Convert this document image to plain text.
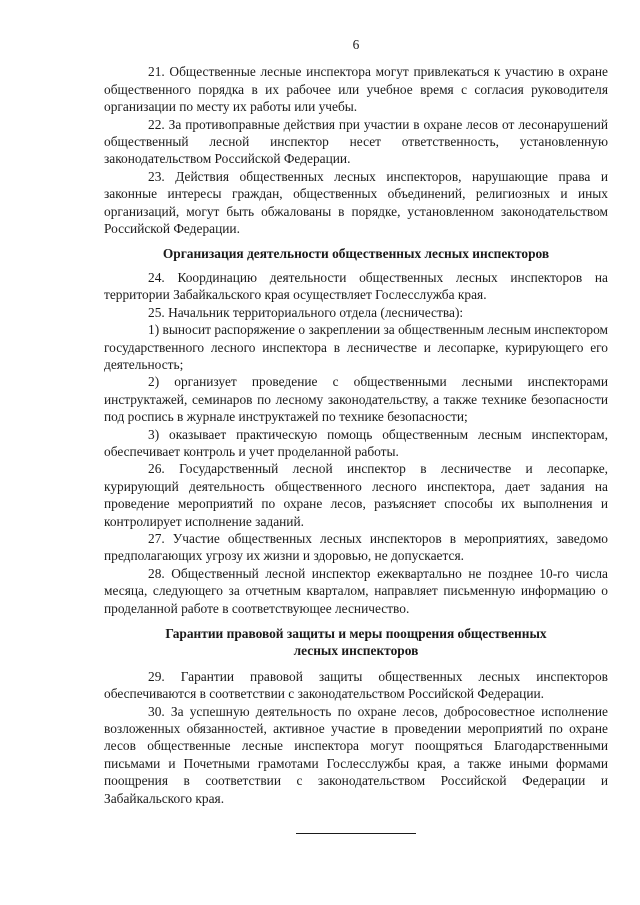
6

21. Общественные лесные инспектора могут привлекаться к участию в охране общественного порядка в их рабочее или учебное время с согласия руководителя организации по месту их работы или учебы.

22. За противоправные действия при участии в охране лесов от лесонарушений общественный лесной инспектор несет ответственность, установленную законодательством Российской Федерации.

23. Действия общественных лесных инспекторов, нарушающие права и законные интересы граждан, общественных объединений, религиозных и иных организаций, могут быть обжалованы в порядке, установленном законодательством Российской Федерации.

Организация деятельности общественных лесных инспекторов

24. Координацию деятельности общественных лесных инспекторов на территории Забайкальского края осуществляет Гослесслужба края.

25. Начальник территориального отдела (лесничества):

1) выносит распоряжение о закреплении за общественным лесным инспектором государственного лесного инспектора в лесничестве и лесопарке, курирующего его деятельность;

2) организует проведение с общественными лесными инспекторами инструктажей, семинаров по лесному законодательству, а также технике безопасности под роспись в журнале инструктажей по технике безопасности;

3) оказывает практическую помощь общественным лесным инспекторам, обеспечивает контроль и учет проделанной работы.

26. Государственный лесной инспектор в лесничестве и лесопарке, курирующий деятельность общественного лесного инспектора, дает задания на проведение мероприятий по охране лесов, разъясняет способы их выполнения и контролирует исполнение заданий.

27. Участие общественных лесных инспекторов в мероприятиях, заведомо предполагающих угрозу их жизни и здоровью, не допускается.

28. Общественный лесной инспектор ежеквартально не позднее 10-го числа месяца, следующего за отчетным кварталом, направляет письменную информацию о проделанной работе в соответствующее лесничество.

Гарантии правовой защиты и меры поощрения общественных
лесных инспекторов

29. Гарантии правовой защиты общественных лесных инспекторов обеспечиваются в соответствии с законодательством Российской Федерации.

30. За успешную деятельность по охране лесов, добросовестное исполнение возложенных обязанностей, активное участие в проведении мероприятий по охране лесов общественные лесные инспектора могут поощряться Благодарственными письмами и Почетными грамотами Гослесслужбы края, а также иными формами поощрения в соответствии с законодательством Российской Федерации и Забайкальского края.
